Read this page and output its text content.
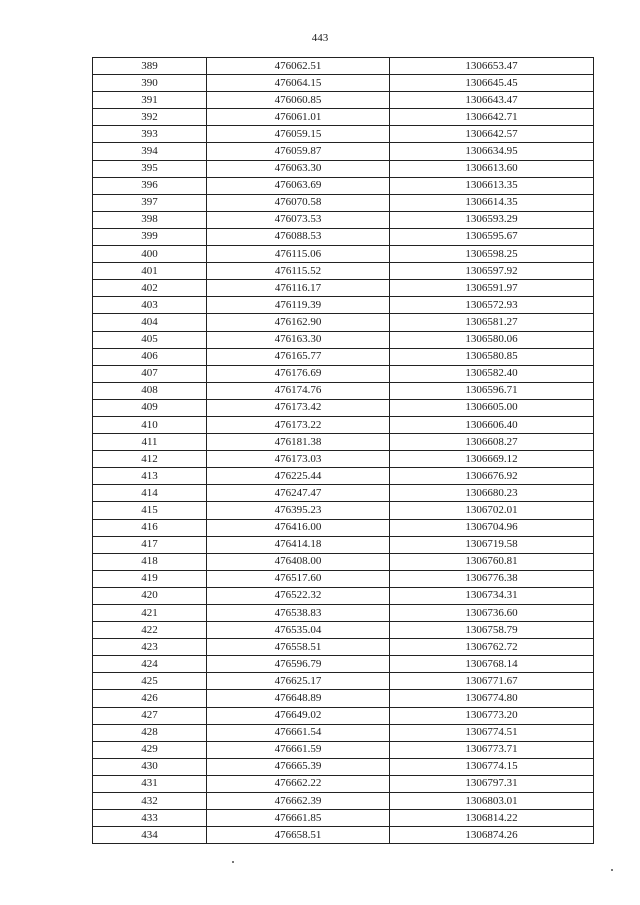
443
389	476062.51	1306653.47
390	476064.15	1306645.45
391	476060.85	1306643.47
392	476061.01	1306642.71
393	476059.15	1306642.57
394	476059.87	1306634.95
395	476063.30	1306613.60
396	476063.69	1306613.35
397	476070.58	1306614.35
398	476073.53	1306593.29
399	476088.53	1306595.67
400	476115.06	1306598.25
401	476115.52	1306597.92
402	476116.17	1306591.97
403	476119.39	1306572.93
404	476162.90	1306581.27
405	476163.30	1306580.06
406	476165.77	1306580.85
407	476176.69	1306582.40
408	476174.76	1306596.71
409	476173.42	1306605.00
410	476173.22	1306606.40
411	476181.38	1306608.27
412	476173.03	1306669.12
413	476225.44	1306676.92
414	476247.47	1306680.23
415	476395.23	1306702.01
416	476416.00	1306704.96
417	476414.18	1306719.58
418	476408.00	1306760.81
419	476517.60	1306776.38
420	476522.32	1306734.31
421	476538.83	1306736.60
422	476535.04	1306758.79
423	476558.51	1306762.72
424	476596.79	1306768.14
425	476625.17	1306771.67
426	476648.89	1306774.80
427	476649.02	1306773.20
428	476661.54	1306774.51
429	476661.59	1306773.71
430	476665.39	1306774.15
431	476662.22	1306797.31
432	476662.39	1306803.01
433	476661.85	1306814.22
434	476658.51	1306874.26
